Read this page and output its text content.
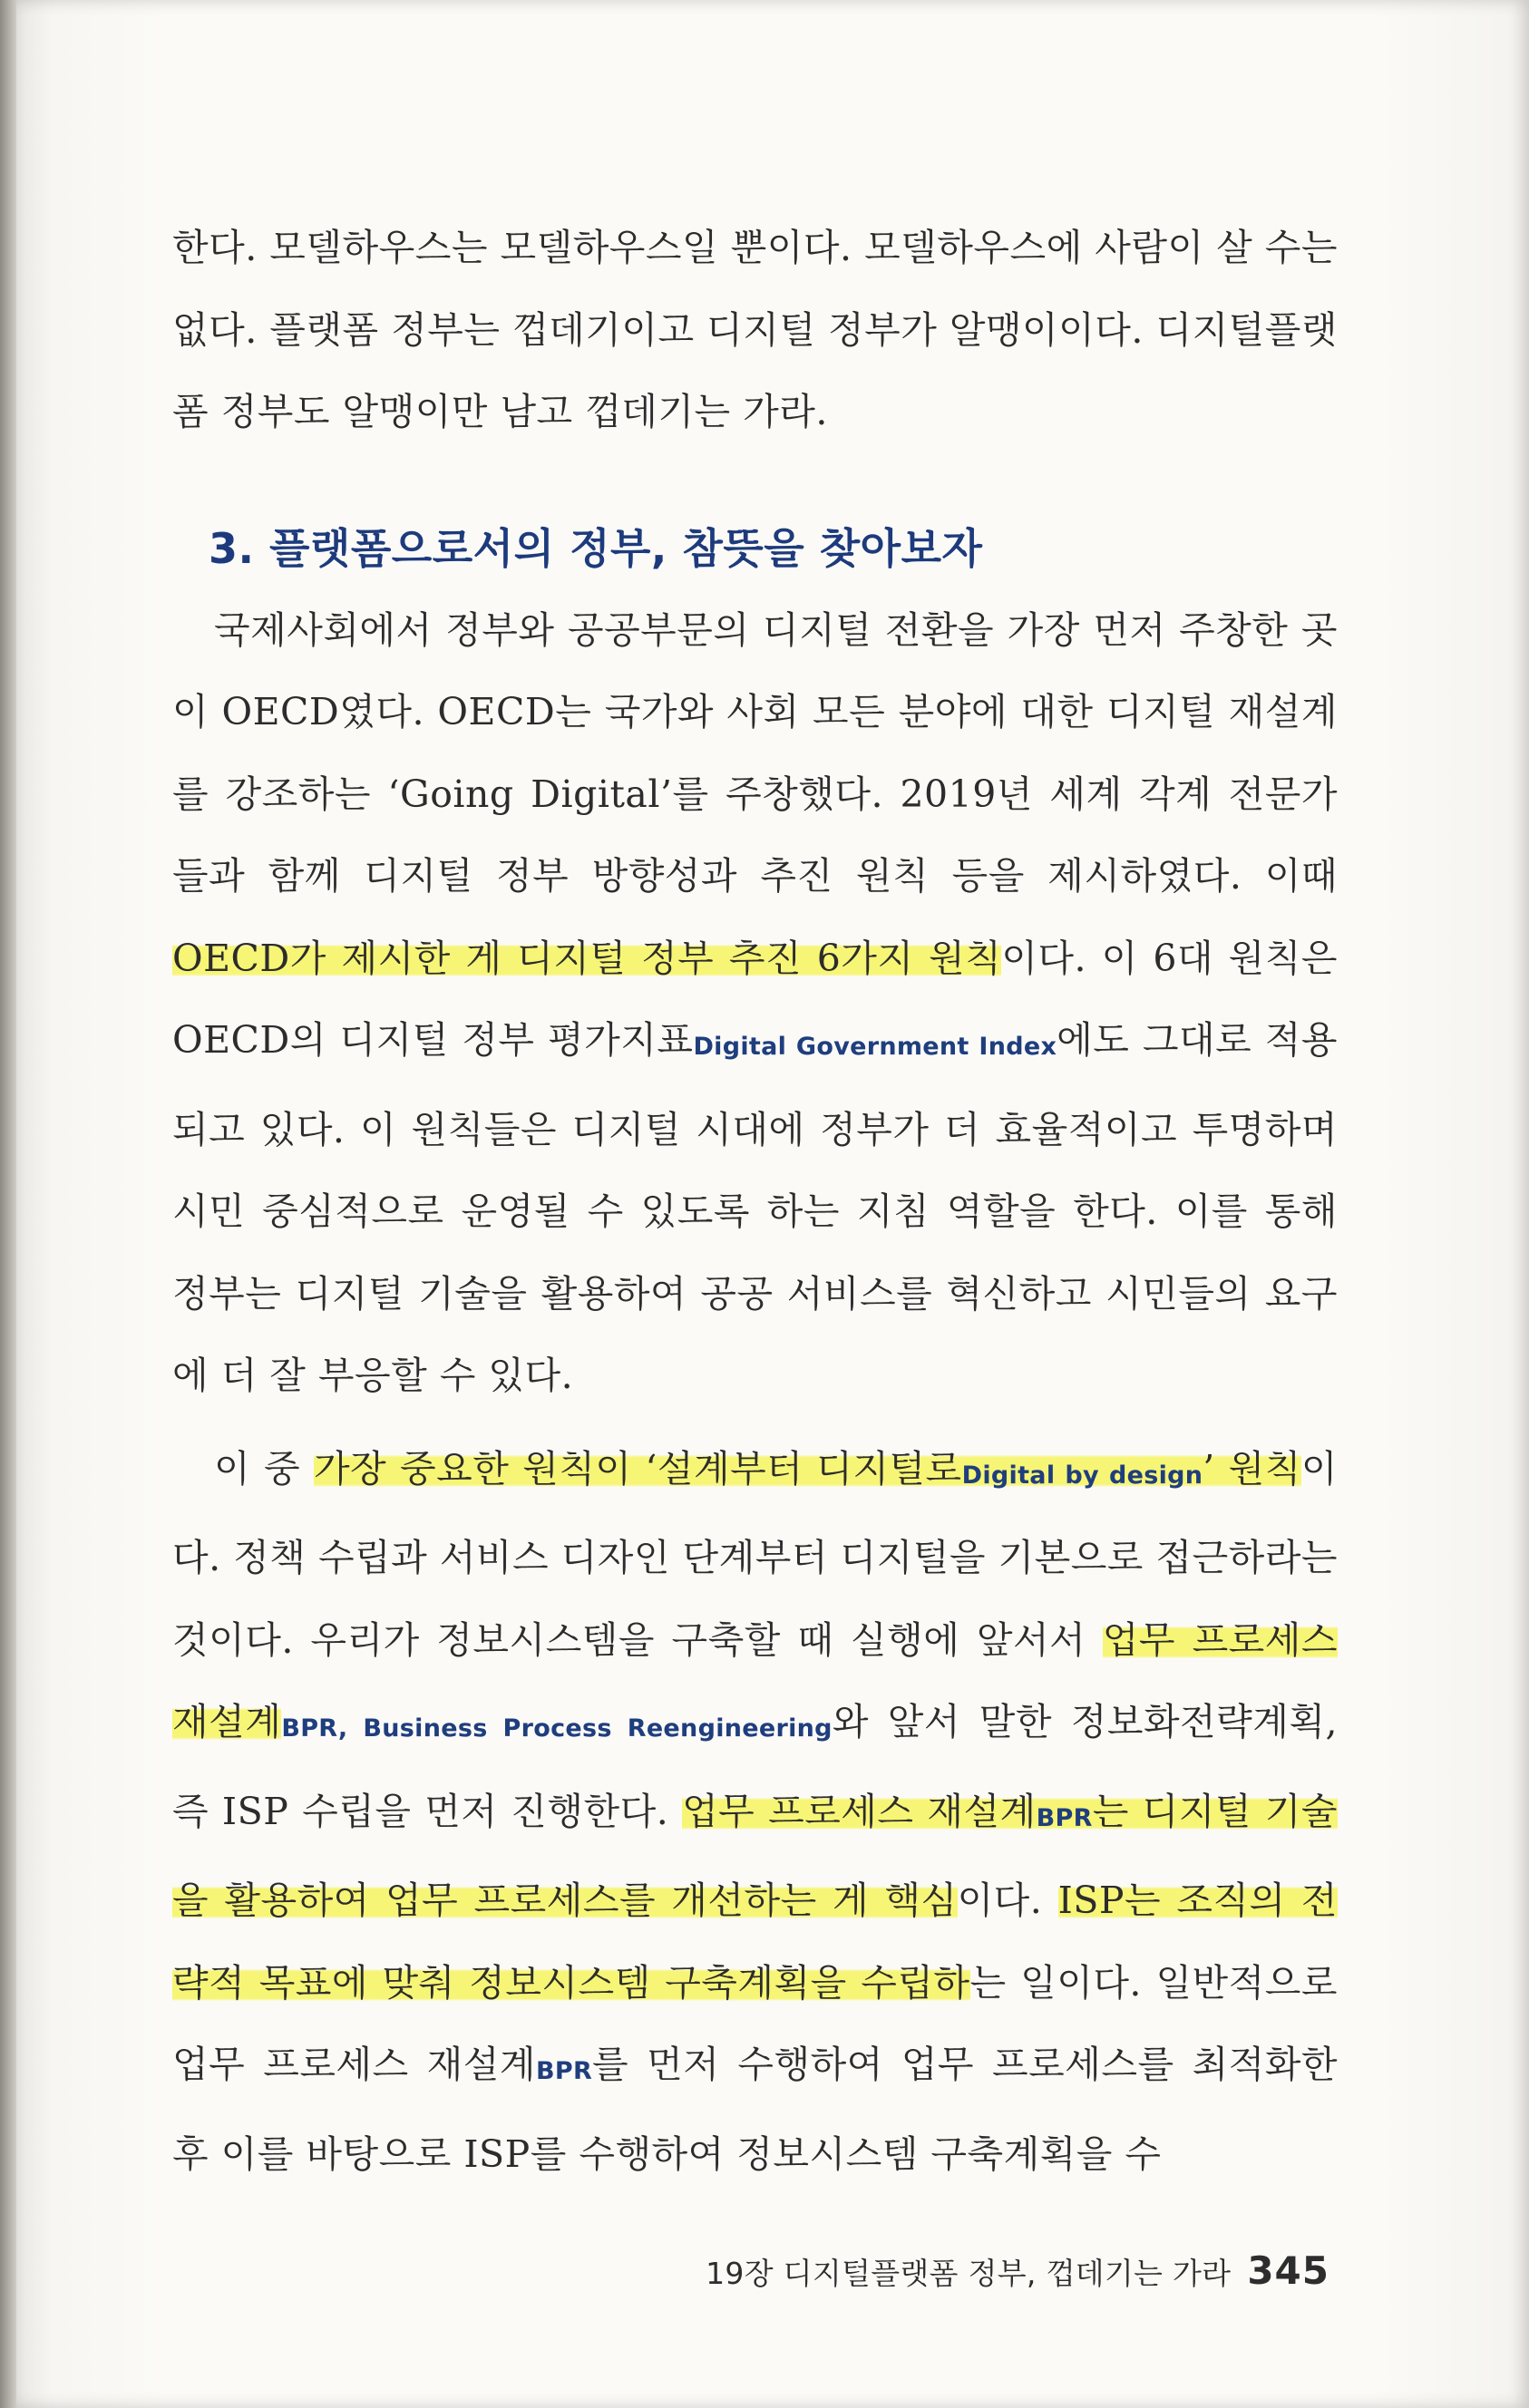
한다. 모델하우스는 모델하우스일 뿐이다. 모델하우스에 사람이 살 수는 없다. 플랫폼 정부는 껍데기이고 디지털 정부가 알맹이이다. 디지털플랫폼 정부도 알맹이만 남고 껍데기는 가라.

3. 플랫폼으로서의 정부, 참뜻을 찾아보자

국제사회에서 정부와 공공부문의 디지털 전환을 가장 먼저 주창한 곳이 OECD였다. OECD는 국가와 사회 모든 분야에 대한 디지털 재설계를 강조하는 ‘Going Digital’를 주창했다. 2019년 세계 각계 전문가들과 함께 디지털 정부 방향성과 추진 원칙 등을 제시하였다. 이때 OECD가 제시한 게 디지털 정부 추진 6가지 원칙이다. 이 6대 원칙은 OECD의 디지털 정부 평가지표Digital Government Index에도 그대로 적용되고 있다. 이 원칙들은 디지털 시대에 정부가 더 효율적이고 투명하며 시민 중심적으로 운영될 수 있도록 하는 지침 역할을 한다. 이를 통해 정부는 디지털 기술을 활용하여 공공 서비스를 혁신하고 시민들의 요구에 더 잘 부응할 수 있다.

이 중 가장 중요한 원칙이 ‘설계부터 디지털로Digital by design’ 원칙이다. 정책 수립과 서비스 디자인 단계부터 디지털을 기본으로 접근하라는 것이다. 우리가 정보시스템을 구축할 때 실행에 앞서서 업무 프로세스 재설계BPR, Business Process Reengineering와 앞서 말한 정보화전략계획, 즉 ISP 수립을 먼저 진행한다. 업무 프로세스 재설계BPR는 디지털 기술을 활용하여 업무 프로세스를 개선하는 게 핵심이다. ISP는 조직의 전략적 목표에 맞춰 정보시스템 구축계획을 수립하는 일이다. 일반적으로 업무 프로세스 재설계BPR를 먼저 수행하여 업무 프로세스를 최적화한 후 이를 바탕으로 ISP를 수행하여 정보시스템 구축계획을 수

19장 디지털플랫폼 정부, 껍데기는 가라 345
